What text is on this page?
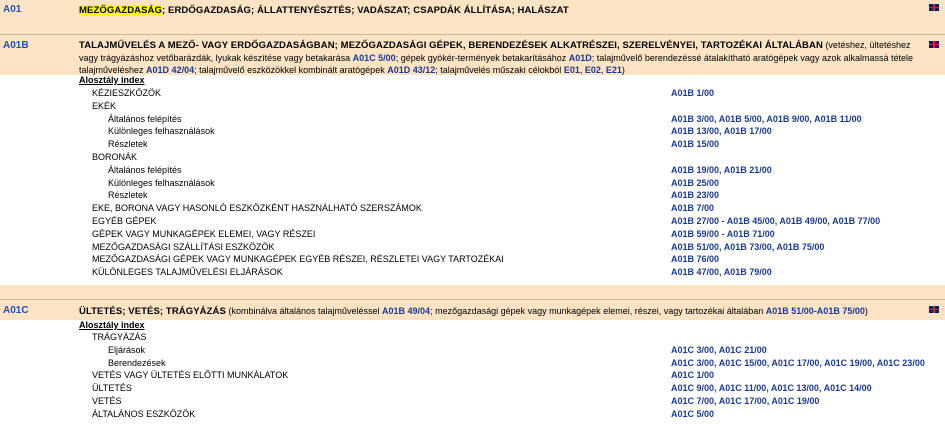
A01	MEZŐGAZDASÁG; ERDŐGAZDASÁG; ÁLLATTENYÉSZTÉS; VADÁSZAT; CSAPDÁK ÁLLÍTÁSA; HALÁSZAT
A01B	TALAJMŰVELÉS A MEZŐ- VAGY ERDŐGAZDASÁGBAN; MEZŐGAZDASÁGI GÉPEK, BERENDEZÉSEK ALKATRÉSZEI, SZERELVÉNYEI, TARTOZÉKAI ÁLTALÁBAN (vetéshez, ültetéshez vagy trágyázáshoz vetőbarázdák, lyukak készítése vagy betakarása A01C 5/00; gépek gyökér-termények betakarításához A01D; talajművelő berendezéssé átalakítható aratógépek vagy azok alkalmassá tétele talajműveléshez A01D 42/04; talajművelő eszközökkel kombinált aratógépek A01D 43/12; talajművelés műszaki célokból E01, E02, E21)
Alosztály index
KÉZIESZKÖZÖK	A01B 1/00
EKÉK
Általános felépítés	A01B 3/00, A01B 5/00, A01B 9/00, A01B 11/00
Különleges felhasználások	A01B 13/00, A01B 17/00
Részletek	A01B 15/00
BORONÁK
Általános felépítés	A01B 19/00, A01B 21/00
Különleges felhasználások	A01B 25/00
Részletek	A01B 23/00
EKE, BORONA VAGY HASONLÓ ESZKÖZKÉNT HASZNÁLHATÓ SZERSZÁMOK	A01B 7/00
EGYÉB GÉPEK	A01B 27/00 - A01B 45/00, A01B 49/00, A01B 77/00
GÉPEK VAGY MUNKAGÉPEK ELEMEI, VAGY RÉSZEI	A01B 59/00 - A01B 71/00
MEZŐGAZDASÁGI SZÁLLÍTÁSI ESZKÖZÖK	A01B 51/00, A01B 73/00, A01B 75/00
MEZŐGAZDASÁGI GÉPEK VAGY MUNKAGÉPEK EGYÉB RÉSZEI, RÉSZLETEI VAGY TARTOZÉKAI	A01B 76/00
KÜLÖNLEGES TALAJMŰVELÉSI ELJÁRÁSOK	A01B 47/00, A01B 79/00
A01C	ÜLTETÉS; VETÉS; TRÁGYÁZÁS (kombinálva általános talajműveléssel A01B 49/04; mezőgazdasági gépek vagy munkagépek elemei, részei, vagy tartozékai általában A01B 51/00-A01B 75/00)
Alosztály index
TRÁGYÁZÁS
Eljárások	A01C 3/00, A01C 21/00
Berendezések	A01C 3/00, A01C 15/00, A01C 17/00, A01C 19/00, A01C 23/00
VETÉS VAGY ÜLTETÉS ELŐTTI MUNKÁLATOK	A01C 1/00
ÜLTETÉS	A01C 9/00, A01C 11/00, A01C 13/00, A01C 14/00
VETÉS	A01C 7/00, A01C 17/00, A01C 19/00
ÁLTALÁNOS ESZKÖZÖK	A01C 5/00
